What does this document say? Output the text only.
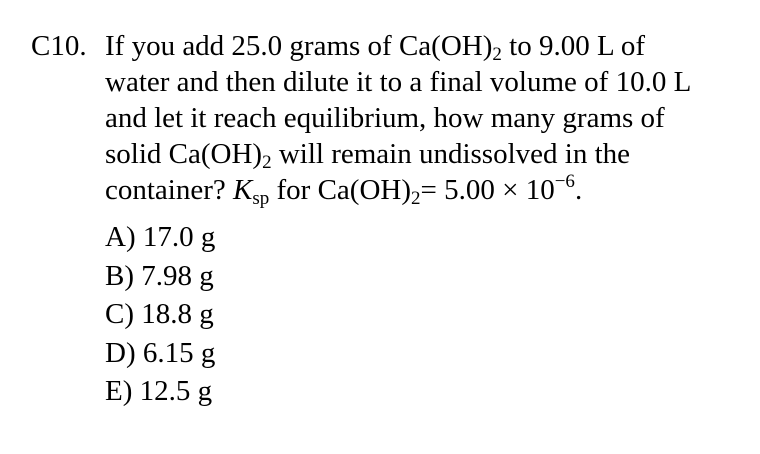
C10. If you add 25.0 grams of $Ca(OH)_2$ to 9.00 L of
water and then dilute it to a final volume of 10.0 L
and let it reach equilibrium, how many grams of
solid $Ca(OH)_2$ will remain undissolved in the
container? $K_{sp}$ for $Ca(OH)_2= 5.00 \times 10^{-6}$.
A) 17.0 g
B) 7.98 g
C) 18.8 g
D) 6.15 g
E) 12.5 g
